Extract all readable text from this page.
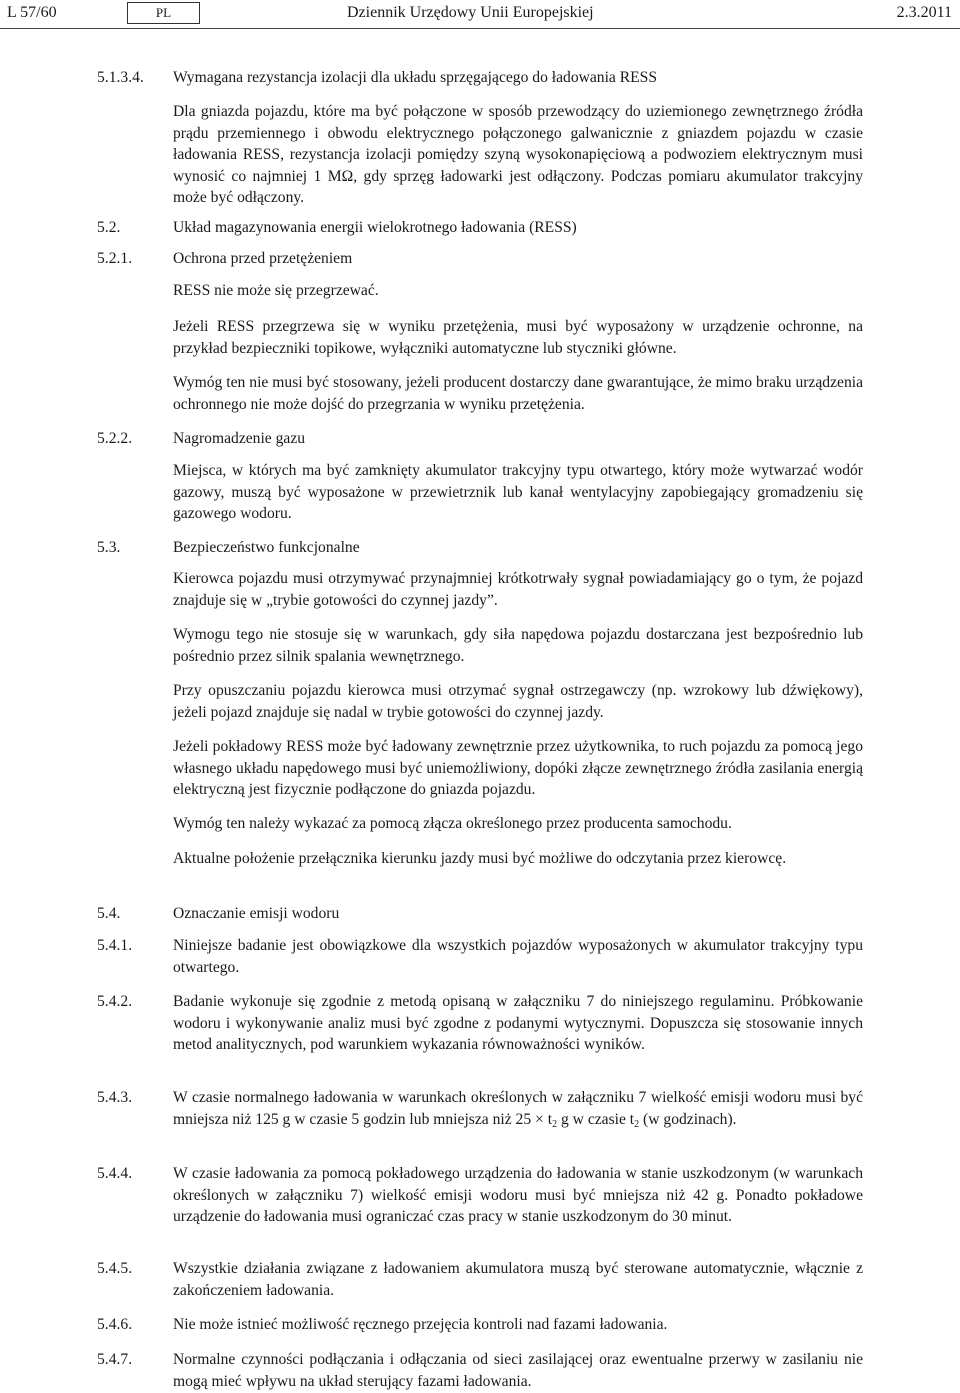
L 57/60	PL	Dziennik Urzędowy Unii Europejskiej	2.3.2011
5.1.3.4. Wymagana rezystancja izolacji dla układu sprzęgającego do ładowania RESS
Dla gniazda pojazdu, które ma być połączone w sposób przewodzący do uziemionego zewnętrznego źródła prądu przemiennego i obwodu elektrycznego połączonego galwanicznie z gniazdem pojazdu w czasie ładowania RESS, rezystancja izolacji pomiędzy szyną wysokonapięciową a podwoziem elektrycznym musi wynosić co najmniej 1 MΩ, gdy sprzęg ładowarki jest odłączony. Podczas pomiaru akumulator trakcyjny może być odłączony.
5.2.	Układ magazynowania energii wielokrotnego ładowania (RESS)
5.2.1.	Ochrona przed przetężeniem
RESS nie może się przegrzewać.
Jeżeli RESS przegrzewa się w wyniku przetężenia, musi być wyposażony w urządzenie ochronne, na przykład bezpieczniki topikowe, wyłączniki automatyczne lub styczniki główne.
Wymóg ten nie musi być stosowany, jeżeli producent dostarczy dane gwarantujące, że mimo braku urządzenia ochronnego nie może dojść do przegrzania w wyniku przetężenia.
5.2.2.	Nagromadzenie gazu
Miejsca, w których ma być zamknięty akumulator trakcyjny typu otwartego, który może wytwarzać wodór gazowy, muszą być wyposażone w przewietrznik lub kanał wentylacyjny zapobiegający gromadzeniu się gazowego wodoru.
5.3.	Bezpieczeństwo funkcjonalne
Kierowca pojazdu musi otrzymywać przynajmniej krótkotrwały sygnał powiadamiający go o tym, że pojazd znajduje się w „trybie gotowości do czynnej jazdy”.
Wymogu tego nie stosuje się w warunkach, gdy siła napędowa pojazdu dostarczana jest bezpośrednio lub pośrednio przez silnik spalania wewnętrznego.
Przy opuszczaniu pojazdu kierowca musi otrzymać sygnał ostrzegawczy (np. wzrokowy lub dźwiękowy), jeżeli pojazd znajduje się nadal w trybie gotowości do czynnej jazdy.
Jeżeli pokładowy RESS może być ładowany zewnętrznie przez użytkownika, to ruch pojazdu za pomocą jego własnego układu napędowego musi być uniemożliwiony, dopóki złącze zewnętrznego źródła zasilania energią elektryczną jest fizycznie podłączone do gniazda pojazdu.
Wymóg ten należy wykazać za pomocą złącza określonego przez producenta samochodu.
Aktualne położenie przełącznika kierunku jazdy musi być możliwe do odczytania przez kierowcę.
5.4.	Oznaczanie emisji wodoru
5.4.1.	Niniejsze badanie jest obowiązkowe dla wszystkich pojazdów wyposażonych w akumulator trakcyjny typu otwartego.
5.4.2.	Badanie wykonuje się zgodnie z metodą opisaną w załączniku 7 do niniejszego regulaminu. Próbkowanie wodoru i wykonywanie analiz musi być zgodne z podanymi wytycznymi. Dopuszcza się stosowanie innych metod analitycznych, pod warunkiem wykazania równoważności wyników.
5.4.3.	W czasie normalnego ładowania w warunkach określonych w załączniku 7 wielkość emisji wodoru musi być mniejsza niż 125 g w czasie 5 godzin lub mniejsza niż $25 \times t_2$ g w czasie $t_2$ (w godzinach).
5.4.4.	W czasie ładowania za pomocą pokładowego urządzenia do ładowania w stanie uszkodzonym (w warunkach określonych w załączniku 7) wielkość emisji wodoru musi być mniejsza niż 42 g. Ponadto pokładowe urządzenie do ładowania musi ograniczać czas pracy w stanie uszkodzonym do 30 minut.
5.4.5.	Wszystkie działania związane z ładowaniem akumulatora muszą być sterowane automatycznie, włącznie z zakończeniem ładowania.
5.4.6.	Nie może istnieć możliwość ręcznego przejęcia kontroli nad fazami ładowania.
5.4.7.	Normalne czynności podłączania i odłączania od sieci zasilającej oraz ewentualne przerwy w zasilaniu nie mogą mieć wpływu na układ sterujący fazami ładowania.
